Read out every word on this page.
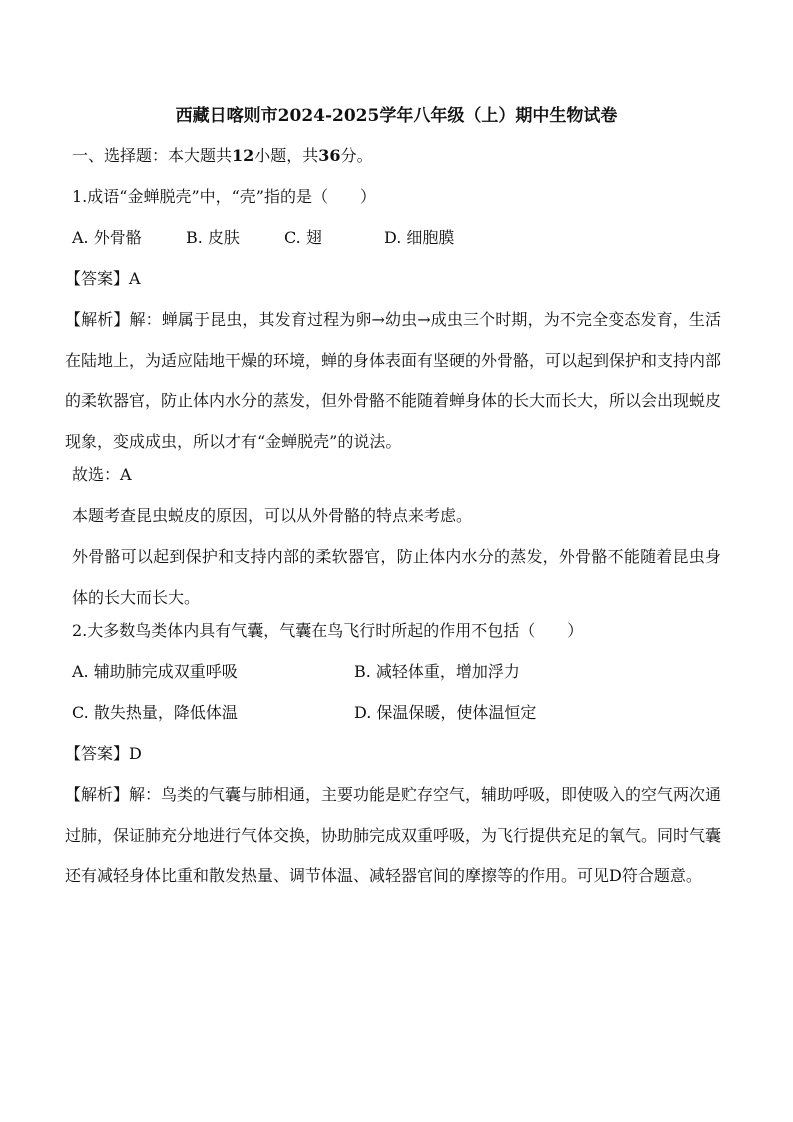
西藏日喀则市2024-2025学年八年级（上）期中生物试卷
一、选择题：本大题共12小题，共36分。
1.成语“金蝉脱壳”中，“壳”指的是（　　）
A. 外骨骼	B. 皮肤	C. 翅	D. 细胞膜
【答案】A
【解析】解：蝉属于昆虫，其发育过程为卵→幼虫→成虫三个时期，为不完全变态发育，生活在陆地上，为适应陆地干燥的环境，蝉的身体表面有坚硬的外骨骼，可以起到保护和支持内部的柔软器官，防止体内水分的蒸发，但外骨骼不能随着蝉身体的长大而长大，所以会出现蜕皮现象，变成成虫，所以才有“金蝉脱壳”的说法。
故选：A
本题考查昆虫蜕皮的原因，可以从外骨骼的特点来考虑。
外骨骼可以起到保护和支持内部的柔软器官，防止体内水分的蒸发，外骨骼不能随着昆虫身体的长大而长大。
2.大多数鸟类体内具有气囊，气囊在鸟飞行时所起的作用不包括（　　）
A. 辅助肺完成双重呼吸	B. 减轻体重，增加浮力
C. 散失热量，降低体温	D. 保温保暖，使体温恒定
【答案】D
【解析】解：鸟类的气囊与肺相通，主要功能是贮存空气，辅助呼吸，即使吸入的空气两次通过肺，保证肺充分地进行气体交换，协助肺完成双重呼吸，为飞行提供充足的氧气。同时气囊还有减轻身体比重和散发热量、调节体温、减轻器官间的摩擦等的作用。可见D符合题意。
